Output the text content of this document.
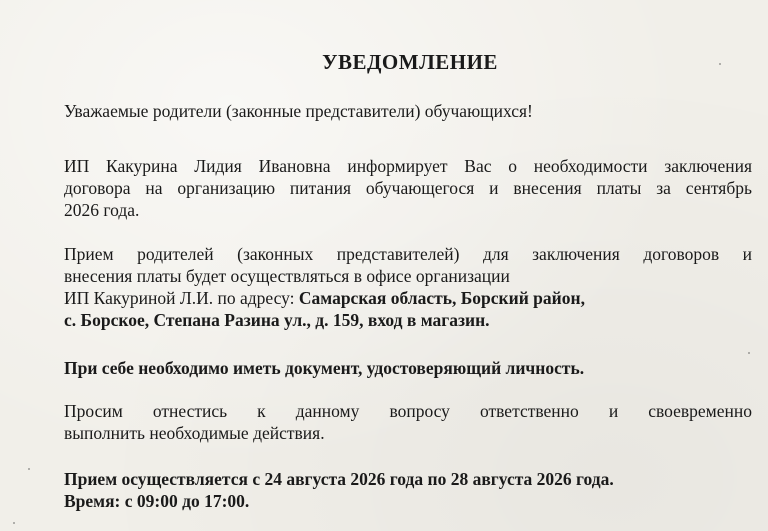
УВЕДОМЛЕНИЕ
Уважаемые родители (законные представители) обучающихся!
ИП Какурина Лидия Ивановна информирует Вас о необходимости заключения
договора на организацию питания обучающегося и внесения платы за сентябрь
2026 года.
Прием родителей (законных представителей) для заключения договоров и
внесения платы будет осуществляться в офисе организации
ИП Какуриной Л.И. по адресу: Самарская область, Борский район,
с. Борское, Степана Разина ул., д. 159, вход в магазин.
При себе необходимо иметь документ, удостоверяющий личность.
Просим отнестись к данному вопросу ответственно и своевременно
выполнить необходимые действия.
Прием осуществляется с 24 августа 2026 года по 28 августа 2026 года.
Время: с 09:00 до 17:00.
